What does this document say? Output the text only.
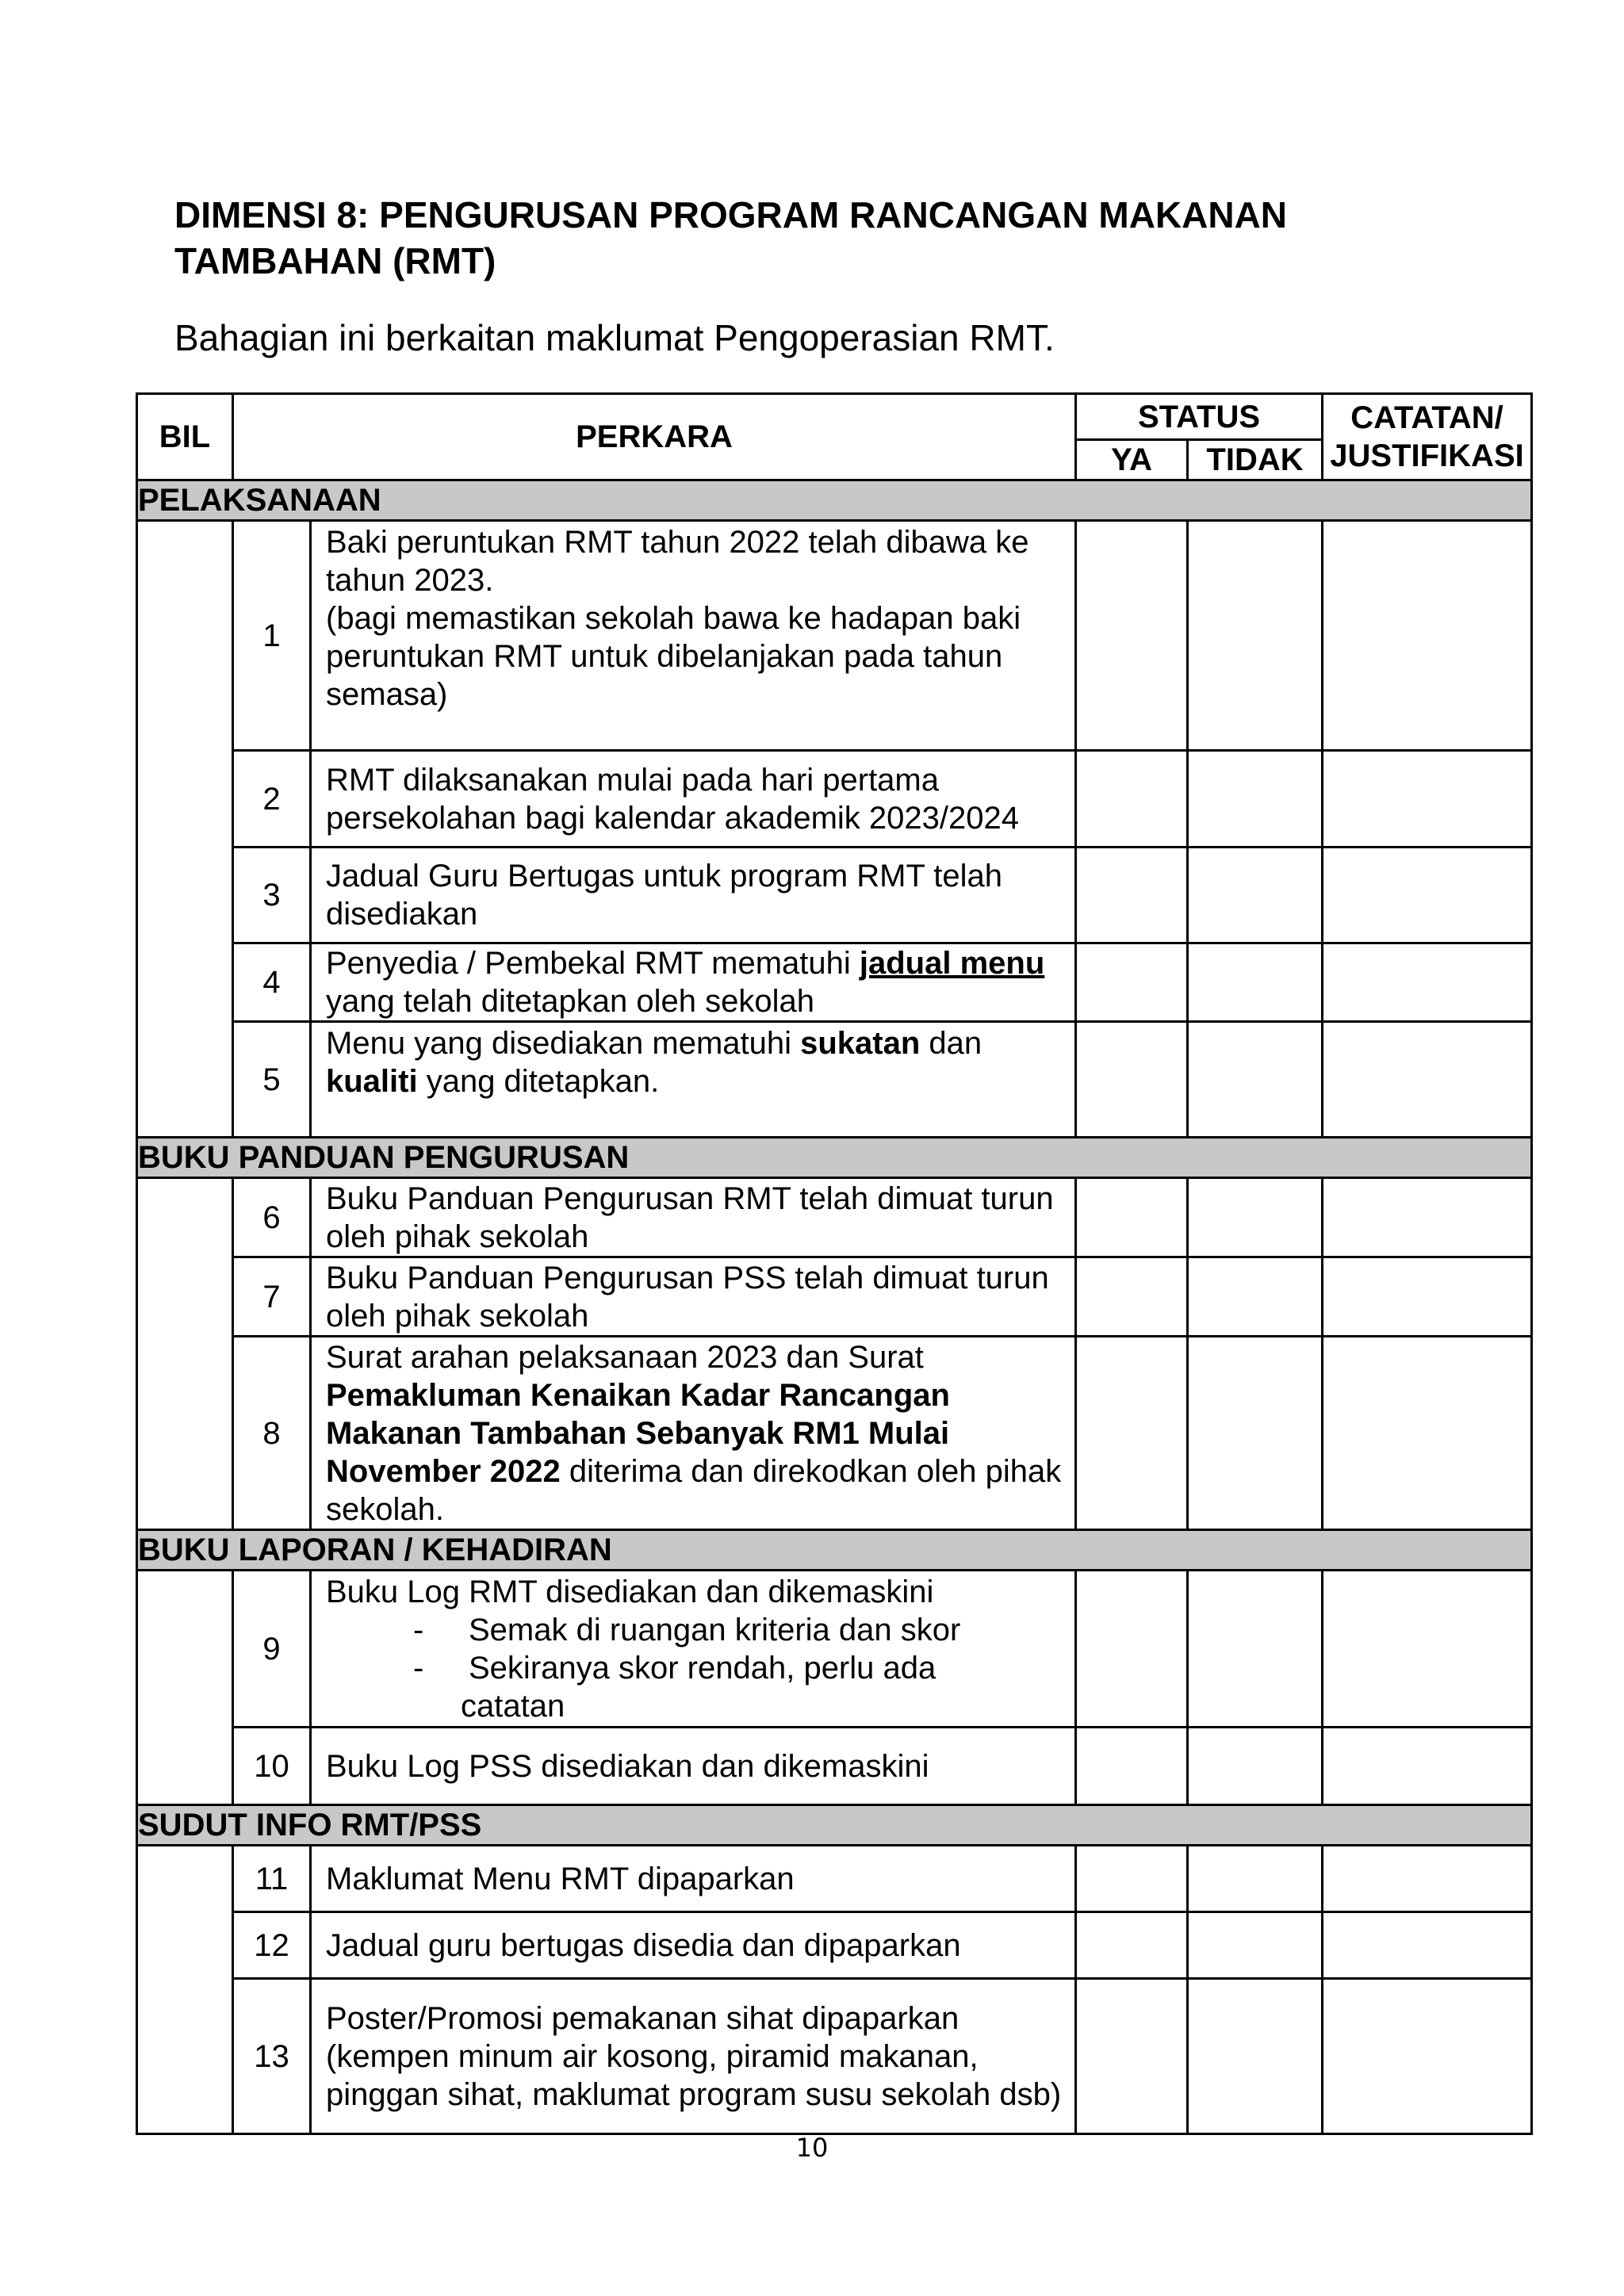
DIMENSI 8: PENGURUSAN PROGRAM RANCANGAN MAKANAN TAMBAHAN (RMT)

Bahagian ini berkaitan maklumat Pengoperasian RMT.

BIL	PERKARA		STATUS		CATATAN/ JUSTIFIKASI
			YA	TIDAK	
PELAKSANAAN					
	1	Baki peruntukan RMT tahun 2022 telah dibawa ke tahun 2023.

(bagi memastikan sekolah bawa ke hadapan baki peruntukan RMT untuk dibelanjakan pada tahun semasa)			

	2	RMT dilaksanakan mulai pada hari pertama persekolahan bagi kalendar akademik 2023/2024			
	3	Jadual Guru Bertugas untuk program RMT telah disediakan			
	4	Penyedia / Pembekal RMT mematuhi jadual menu yang telah ditetapkan oleh sekolah			
	5	Menu yang disediakan mematuhi sukatan dan kualiti yang ditetapkan.			
BUKU PANDUAN PENGURUSAN					
	6	Buku Panduan Pengurusan RMT telah dimuat turun oleh pihak sekolah			
	7	Buku Panduan Pengurusan PSS telah dimuat turun oleh pihak sekolah			
	8	Surat arahan pelaksanaan 2023 dan Surat Pemakluman Kenaikan Kadar Rancangan Makanan Tambahan Sebanyak RM1 Mulai November 2022 diterima dan direkodkan oleh pihak sekolah.			
BUKU LAPORAN / KEHADIRAN					
	9	Buku Log RMT disediakan dan dikemaskini

- Semak di ruangan kriteria dan skor
- Sekiranya skor rendah, perlu ada
catatan			

	10	Buku Log PSS disediakan dan dikemaskini			
SUDUT INFO RMT/PSS					
	11	Maklumat Menu RMT dipaparkan			
	12	Jadual guru bertugas disedia dan dipaparkan			
	13	Poster/Promosi pemakanan sihat dipaparkan (kempen minum air kosong, piramid makanan, pinggan sihat, maklumat program susu sekolah dsb)			
10
